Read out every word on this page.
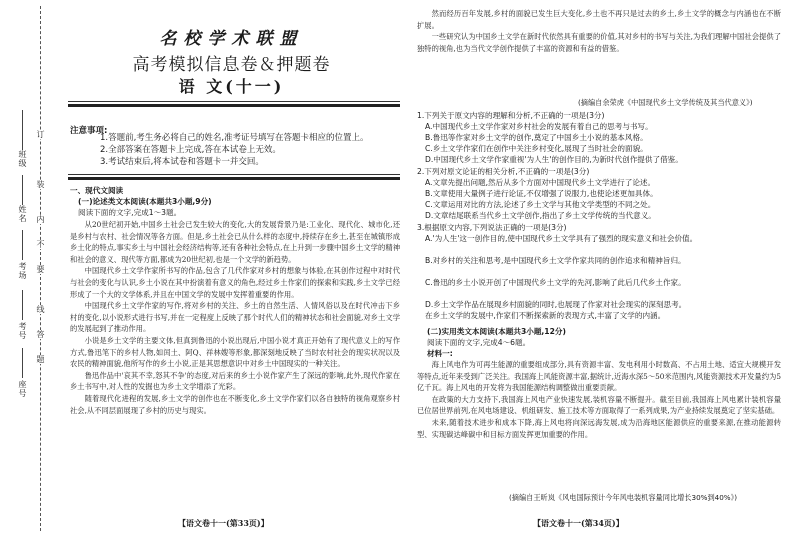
班级
姓名
考场
考号
座号
订
线
装
内
不
要
答
题
名校学术联盟
高考模拟信息卷＆押题卷
语 文(十一)
注意事项:
1.答题前,考生务必将自己的姓名,准考证号填写在答题卡相应的位置上。
2.全部答案在答题卡上完成,答在本试卷上无效。
3.考试结束后,将本试卷和答题卡一并交回。
一、现代文阅读
(一)论述类文本阅读(本题共3小题,9分)
阅读下面的文字,完成1～3题。

从20世纪初开始,中国乡土社会已发生较大的变化,大的发展背景乃是:工业化、现代化、城市化,还是乡村与农村、社会情况等各方面。但是,乡土社会已从什么样的态度中,持续存在乡土,甚至在城镇形成乡土化的特点,事实乡土与中国社会经济结构等,还有各种社会特点,在上升到一步骤中国乡土文学的精神和社会的意义、现代等方面,都成为20世纪初,也是一个文学的新趋势。

中国现代乡土文学作家所书写的作品,包含了几代作家对乡村的想象与体验,在其创作过程中对时代与社会的变化与认识,乡土小说在其中扮演着有意义的角色,经过乡土作家们的探索和实践,乡土文学已经形成了一个大的文学体系,并且在中国文学的发展中发挥着重要的作用。

中国现代乡土文学作家的写作,将对乡村的关注、乡土的自然生活、人情风俗以及在时代冲击下乡村的变化,以小说形式进行书写,并在一定程度上反映了那个时代人们的精神状态和社会面貌,对乡土文学的发展起到了推动作用。

小说是乡土文学的主要文体,但真到鲁迅的小说出现后,中国小说才真正开始有了现代意义上的写作方式,鲁迅笔下的乡村人物,如闰土、阿Q、祥林嫂等形象,都深刻地反映了当时农村社会的现实状况以及农民的精神面貌,他所写作的乡土小说,正是其思想意识中对乡土中国现实的一种关注。

鲁迅作品中'哀其不幸,怒其不争'的态度,对后来的乡土小说作家产生了深远的影响,此外,现代作家在乡土书写中,对人性的发掘也为乡土文学增添了光彩。

随着现代化进程的发展,乡土文学的创作也在不断变化,乡土文学作家们以各自独特的视角观察乡村社会,从不同层面展现了乡村的历史与现实。

【语文卷十一(第33页)】

然而经历百年发展,乡村的面貌已发生巨大变化,乡土也不再只是过去的乡土,乡土文学的概念与内涵也在不断扩展。

一些研究认为中国乡土文学在新时代依然具有重要的价值,其对乡村的书写与关注,为我们理解中国社会提供了独特的视角,也为当代文学创作提供了丰富的资源和有益的借鉴。

(摘编自余荣虎《中国现代乡土文学传统及其当代意义》)
1.下列关于原文内容的理解和分析,不正确的一项是(3分)
A.中国现代乡土文学作家对乡村社会的发展有着自己的思考与书写。
B.鲁迅等作家对乡土文学的创作,奠定了中国乡土小说的基本风格。
C.乡土文学作家们在创作中关注乡村变化,展现了当时社会的面貌。
D.中国现代乡土文学作家重视'为人生'的创作目的,为新时代创作提供了借鉴。
2.下列对原文论证的相关分析,不正确的一项是(3分)
A.文章先提出问题,然后从多个方面对中国现代乡土文学进行了论述。
B.文章使用大量例子进行论证,不仅增强了说服力,也使论述更加具体。
C.文章运用对比的方法,论述了乡土文学与其他文学类型的不同之处。
D.文章结尾联系当代乡土文学创作,指出了乡土文学传统的当代意义。
3.根据原文内容,下列说法正确的一项是(3分)
A.'为人生'这一创作目的,使中国现代乡土文学具有了强烈的现实意义和社会价值。
B.对乡村的关注和思考,是中国现代乡土文学作家共同的创作追求和精神旨归。
C.鲁迅的乡土小说开创了中国现代乡土文学的先河,影响了此后几代乡土作家。
D.乡土文学作品在展现乡村面貌的同时,也展现了作家对社会现实的深刻思考。
在乡土文学的发展中,作家们不断探索新的表现方式,丰富了文学的内涵。
(二)实用类文本阅读(本题共3小题,12分)
阅读下面的文字,完成4～6题。
材料一:

海上风电作为可再生能源的重要组成部分,具有资源丰富、发电利用小时数高、不占用土地、适宜大规模开发等特点,近年来受到广泛关注。我国海上风能资源丰富,据统计,近海水深5～50米范围内,风能资源技术开发量约为5亿千瓦。海上风电的开发将为我国能源结构调整做出重要贡献。

在政策的大力支持下,我国海上风电产业快速发展,装机容量不断提升。截至目前,我国海上风电累计装机容量已位居世界前列,在风电场建设、机组研发、施工技术等方面取得了一系列成果,为产业持续发展奠定了坚实基础。

未来,随着技术进步和成本下降,海上风电将向深远海发展,成为沿海地区能源供应的重要来源,在推动能源转型、实现碳达峰碳中和目标方面发挥更加重要的作用。

(摘编自王昕岚《风电国际预计今年风电装机容量同比增长30%到40%》)
【语文卷十一(第34页)】
